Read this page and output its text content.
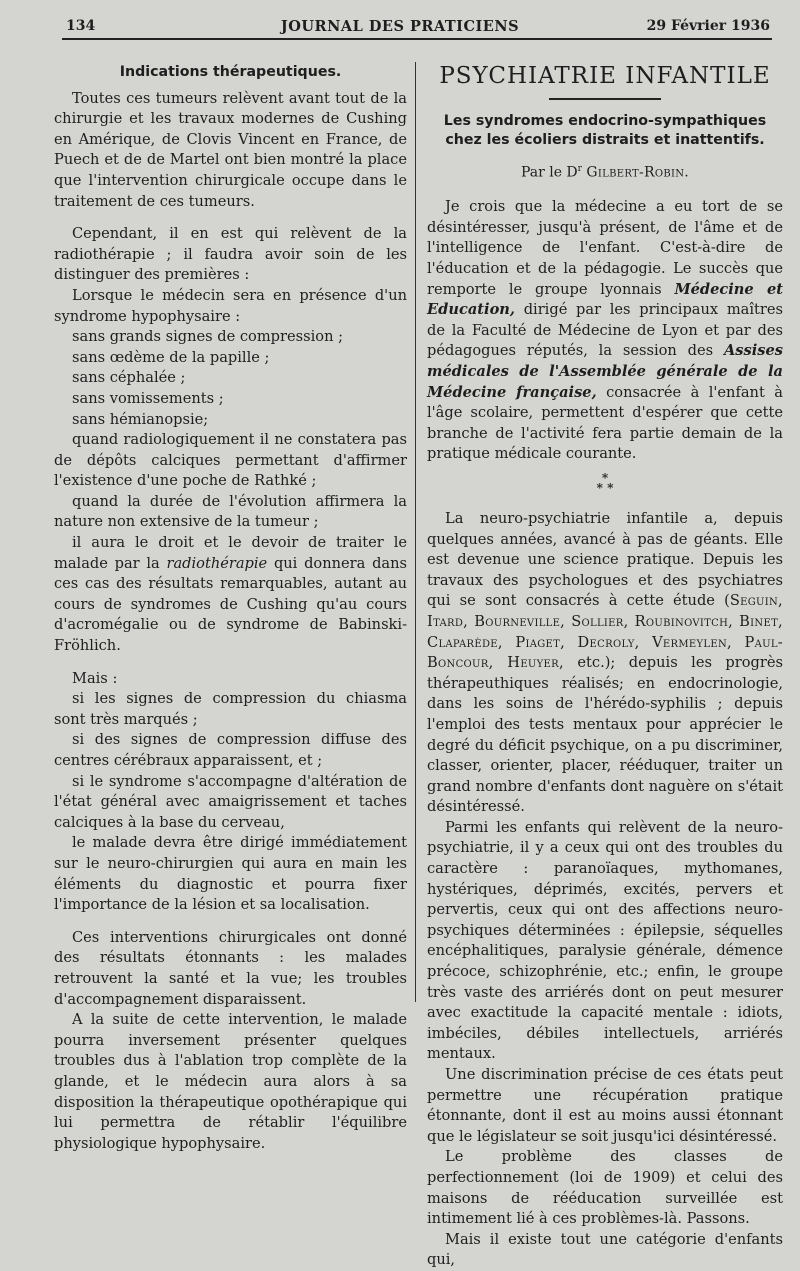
134	JOURNAL DES PRATICIENS	29 Février 1936
Indications thérapeutiques.

Toutes ces tumeurs relèvent avant tout de la chirurgie et les travaux modernes de Cushing en Amérique, de Clovis Vincent en France, de Puech et de de Martel ont bien montré la place que l'intervention chirurgicale occupe dans le traitement de ces tumeurs.

Cependant, il en est qui relèvent de la radiothérapie ; il faudra avoir soin de les distinguer des premières :

Lorsque le médecin sera en présence d'un syndrome hypophysaire :

sans grands signes de compression ;

sans œdème de la papille ;

sans céphalée ;

sans vomissements ;

sans hémianopsie;

quand radiologiquement il ne constatera pas de dépôts calciques permettant d'affirmer l'existence d'une poche de Rathké ;

quand la durée de l'évolution affirmera la nature non extensive de la tumeur ;

il aura le droit et le devoir de traiter le malade par la radiothérapie qui donnera dans ces cas des résultats remarquables, autant au cours de syndromes de Cushing qu'au cours d'acromégalie ou de syndrome de Babinski-Fröhlich.

Mais :

si les signes de compression du chiasma sont très marqués ;

si des signes de compression diffuse des centres cérébraux apparaissent, et ;

si le syndrome s'accompagne d'altération de l'état général avec amaigrissement et taches calciques à la base du cerveau,

le malade devra être dirigé immédiatement sur le neuro-chirurgien qui aura en main les éléments du diagnostic et pourra fixer l'importance de la lésion et sa localisation.

Ces interventions chirurgicales ont donné des résultats étonnants : les malades retrouvent la santé et la vue; les troubles d'accompagnement disparaissent.

A la suite de cette intervention, le malade pourra inversement présenter quelques troubles dus à l'ablation trop complète de la glande, et le médecin aura alors à sa disposition la thérapeutique opothérapique qui lui permettra de rétablir l'équilibre physiologique hypophysaire.

PSYCHIATRIE INFANTILE
Les syndromes endocrino-sympathiques
chez les écoliers distraits et inattentifs.
Par le $D^r$ Gilbert-Robin.

Je crois que la médecine a eu tort de se désintéresser, jusqu'à présent, de l'âme et de l'intelligence de l'enfant. C'est-à-dire de l'éducation et de la pédagogie. Le succès que remporte le groupe lyonnais Médecine et Education, dirigé par les principaux maîtres de la Faculté de Médecine de Lyon et par des pédagogues réputés, la session des Assises médicales de l'Assemblée générale de la Médecine française, consacrée à l'enfant à l'âge scolaire, permettent d'espérer que cette branche de l'activité fera partie demain de la pratique médicale courante.

*
* *

La neuro-psychiatrie infantile a, depuis quelques années, avancé à pas de géants. Elle est devenue une science pratique. Depuis les travaux des psychologues et des psychiatres qui se sont consacrés à cette étude (Seguin, Itard, Bourneville, Sollier, Roubinovitch, Binet, Claparède, Piaget, Decroly, Vermeylen, Paul-Boncour, Heuyer, etc.); depuis les progrès thérapeuthiques réalisés; en endocrinologie, dans les soins de l'hérédo-syphilis ; depuis l'emploi des tests mentaux pour apprécier le degré du déficit psychique, on a pu discriminer, classer, orienter, placer, rééduquer, traiter un grand nombre d'enfants dont naguère on s'était désintéressé.

Parmi les enfants qui relèvent de la neuro-psychiatrie, il y a ceux qui ont des troubles du caractère : paranoïaques, mythomanes, hystériques, déprimés, excités, pervers et pervertis, ceux qui ont des affections neuro-psychiques déterminées : épilepsie, séquelles encéphalitiques, paralysie générale, démence précoce, schizophrénie, etc.; enfin, le groupe très vaste des arriérés dont on peut mesurer avec exactitude la capacité mentale : idiots, imbéciles, débiles intellectuels, arriérés mentaux.

Une discrimination précise de ces états peut permettre une récupération pratique étonnante, dont il est au moins aussi étonnant que le législateur se soit jusqu'ici désintéressé.

Le problème des classes de perfectionnement (loi de 1909) et celui des maisons de rééducation surveillée est intimement lié à ces problèmes-là. Passons.

Mais il existe tout une catégorie d'enfants qui,
